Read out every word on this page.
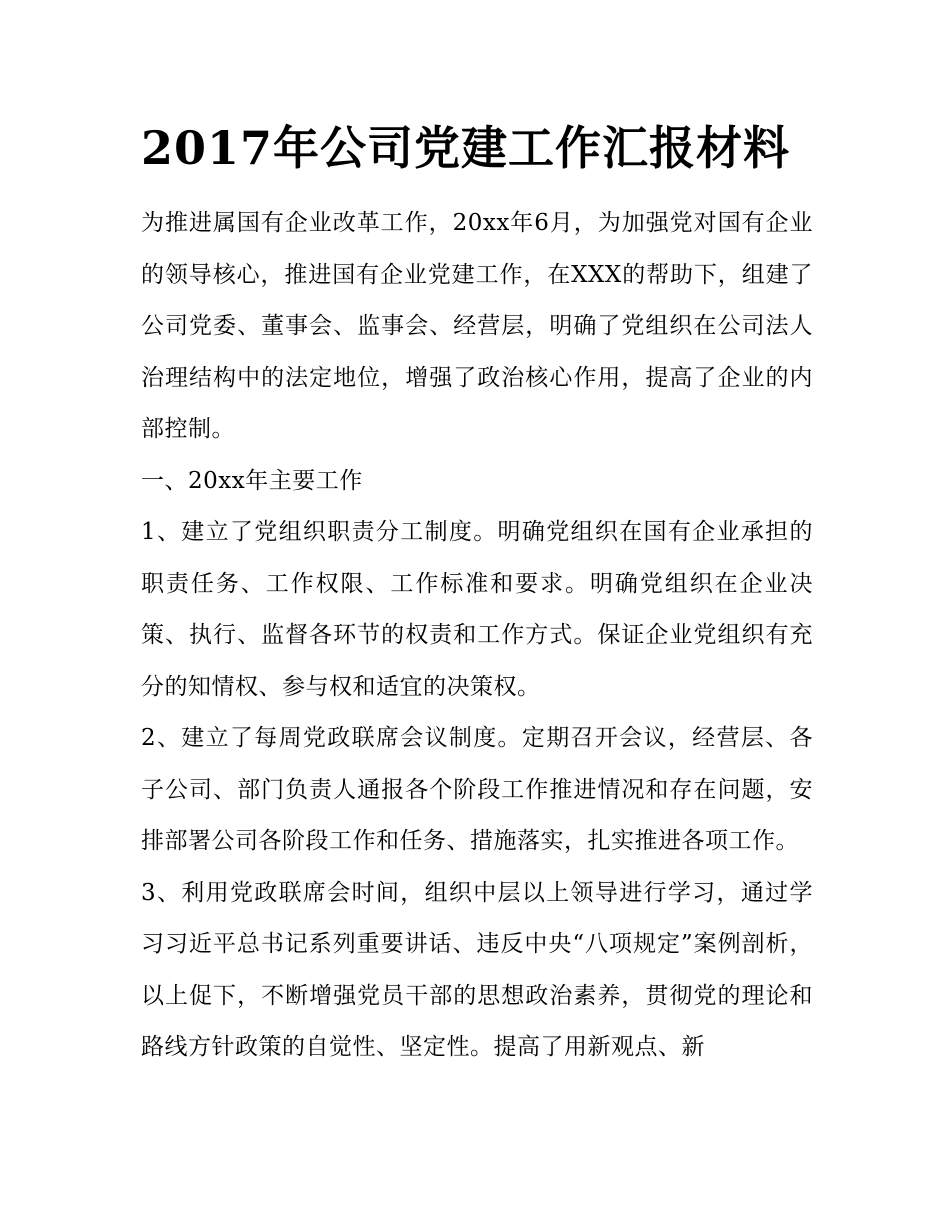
2017年公司党建工作汇报材料

为推进属国有企业改革工作，20xx年6月，为加强党对国有企业的领导核心，推进国有企业党建工作，在XXX的帮助下，组建了公司党委、董事会、监事会、经营层，明确了党组织在公司法人治理结构中的法定地位，增强了政治核心作用，提高了企业的内部控制。

一、20xx年主要工作

1、建立了党组织职责分工制度。明确党组织在国有企业承担的职责任务、工作权限、工作标准和要求。明确党组织在企业决策、执行、监督各环节的权责和工作方式。保证企业党组织有充分的知情权、参与权和适宜的决策权。

2、建立了每周党政联席会议制度。定期召开会议，经营层、各子公司、部门负责人通报各个阶段工作推进情况和存在问题，安排部署公司各阶段工作和任务、措施落实，扎实推进各项工作。

3、利用党政联席会时间，组织中层以上领导进行学习，通过学习习近平总书记系列重要讲话、违反中央“八项规定”案例剖析，以上促下，不断增强党员干部的思想政治素养，贯彻党的理论和路线方针政策的自觉性、坚定性。提高了用新观点、新
